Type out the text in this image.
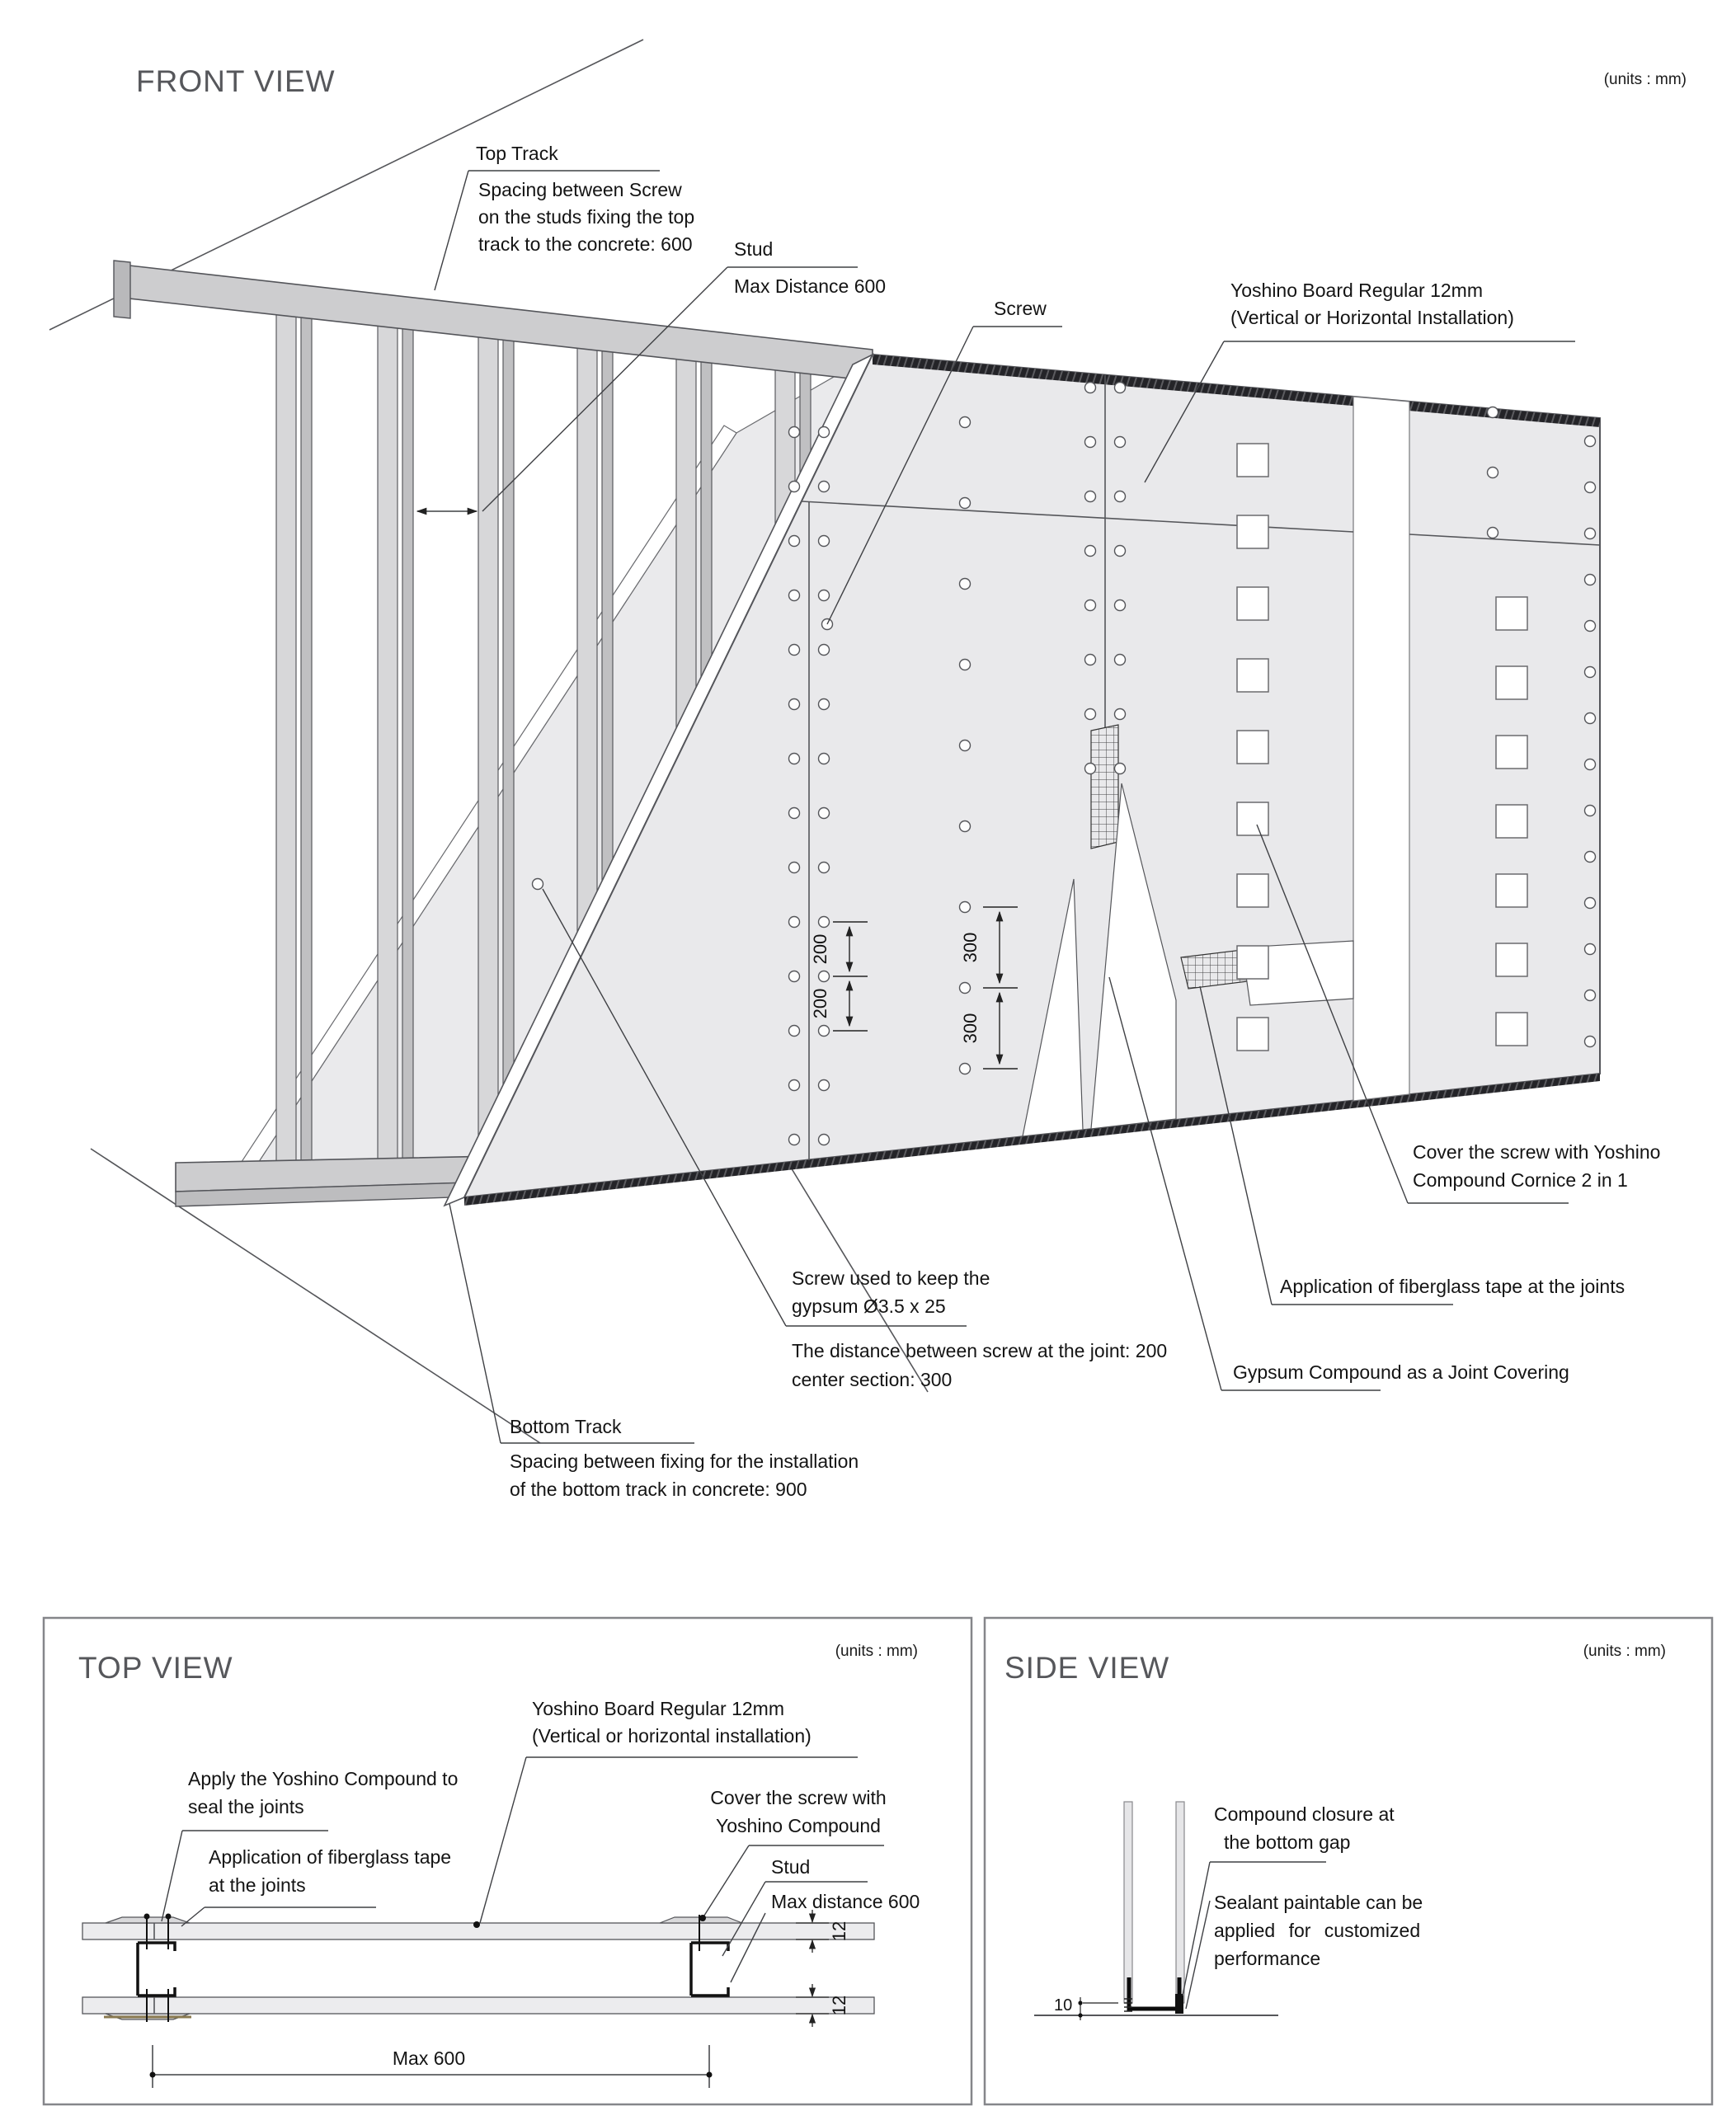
200
200
300
300
12
12
FRONT VIEW	(units : mm)
Top Track
Spacing between Screw
on the studs fixing the top
track to the concrete: 600 Stud
Max Distance 600
Screw
Yoshino Board Regular 12mm
(Vertical or Horizontal Installation)
Cover the screw with Yoshino
Compound Cornice 2 in 1
Application of fiberglass tape at the joints
Gypsum Compound as a Joint Covering
Screw used to keep the
gypsum Ø3.5 x 25
The distance between screw at the joint: 200
center section: 300
Bottom Track
Spacing between fixing for the installation
of the bottom track in concrete: 900
TOP VIEW	(units : mm)
Yoshino Board Regular 12mm
(Vertical or horizontal installation)
Apply the Yoshino Compound to
seal the joints
Application of fiberglass tape
at the joints
Cover the screw with
Yoshino Compound
Stud
Max distance 600
Max 600
SIDE VIEW	(units : mm)
Compound closure at
the bottom gap
Sealant paintable can be
applied for customized
performance
10
